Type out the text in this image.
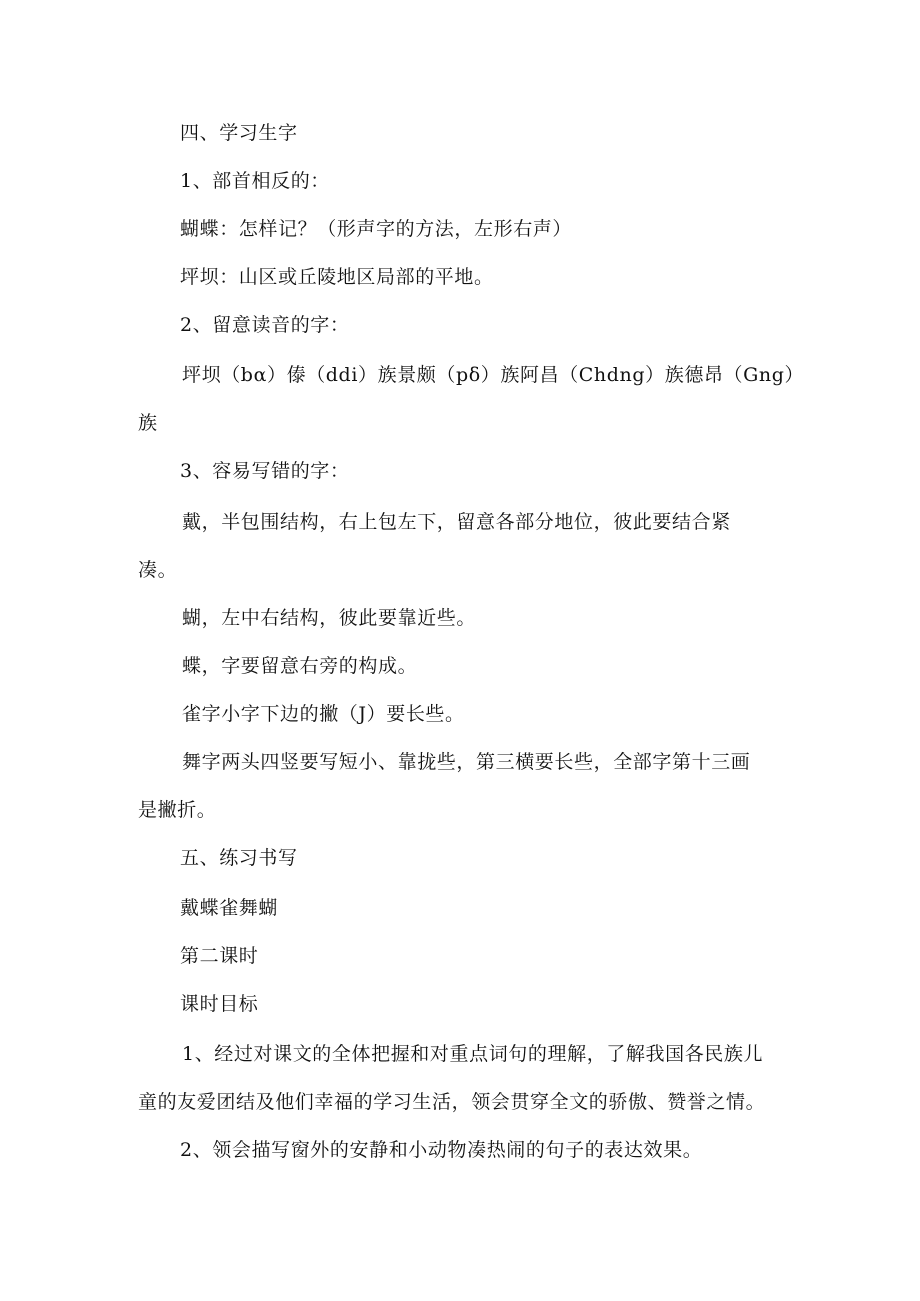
四、学习生字
1、部首相反的：
蝴蝶：怎样记？（形声字的方法，左形右声）
坪坝：山区或丘陵地区局部的平地。
2、留意读音的字：
坪坝（bα）傣（ddi）族景颇（pδ）族阿昌（Chdng）族德昂（Gng）
族
3、容易写错的字：
戴，半包围结构，右上包左下，留意各部分地位，彼此要结合紧
凑。
蝴，左中右结构，彼此要靠近些。
蝶，字要留意右旁的构成。
雀字小字下边的撇（J）要长些。
舞字两头四竖要写短小、靠拢些，第三横要长些，全部字第十三画
是撇折。
五、练习书写
戴蝶雀舞蝴
第二课时
课时目标
1、经过对课文的全体把握和对重点词句的理解，了解我国各民族儿
童的友爱团结及他们幸福的学习生活，领会贯穿全文的骄傲、赞誉之情。
2、领会描写窗外的安静和小动物凑热闹的句子的表达效果。
